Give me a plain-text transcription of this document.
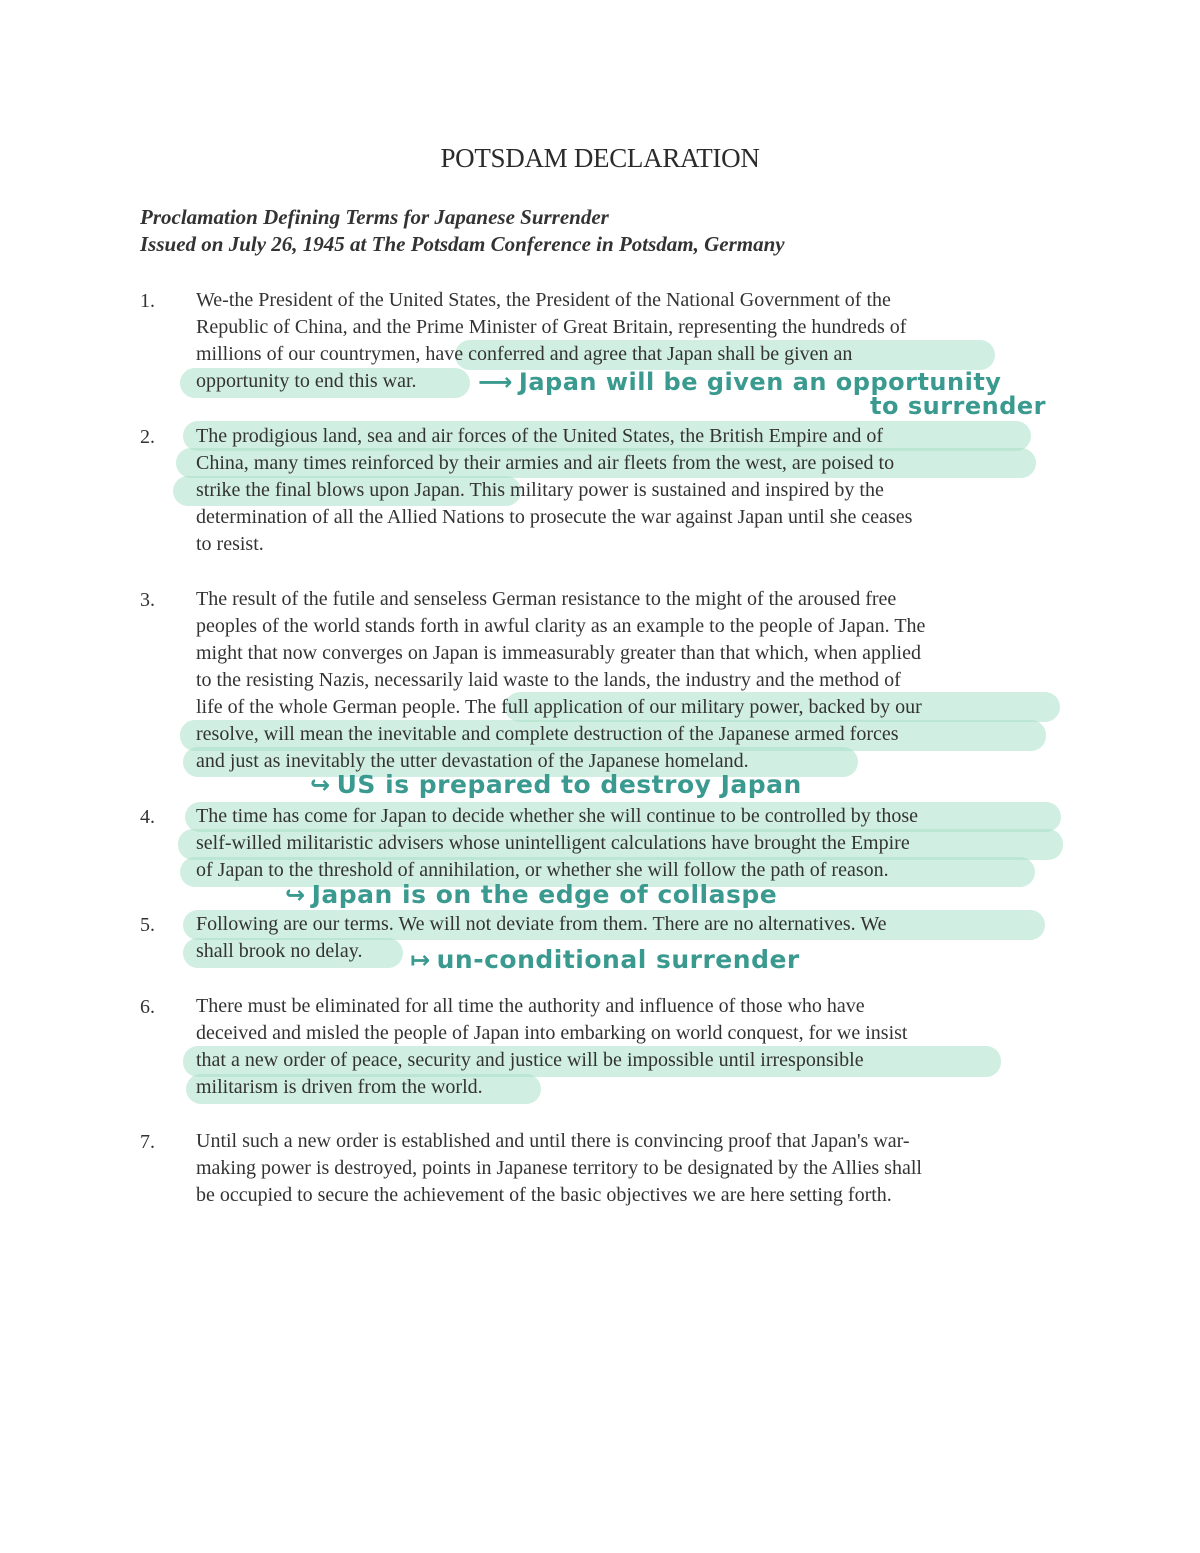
POTSDAM DECLARATION

Proclamation Defining Terms for Japanese Surrender

Issued on July 26, 1945 at The Potsdam Conference in Potsdam, Germany

1. We-the President of the United States, the President of the National Government of the
Republic of China, and the Prime Minister of Great Britain, representing the hundreds of
millions of our countrymen, have conferred and agree that Japan shall be given an
opportunity to end this war.
2. The prodigious land, sea and air forces of the United States, the British Empire and of
China, many times reinforced by their armies and air fleets from the west, are poised to
strike the final blows upon Japan. This military power is sustained and inspired by the
determination of all the Allied Nations to prosecute the war against Japan until she ceases
to resist.
3. The result of the futile and senseless German resistance to the might of the aroused free
peoples of the world stands forth in awful clarity as an example to the people of Japan. The
might that now converges on Japan is immeasurably greater than that which, when applied
to the resisting Nazis, necessarily laid waste to the lands, the industry and the method of
life of the whole German people. The full application of our military power, backed by our
resolve, will mean the inevitable and complete destruction of the Japanese armed forces
and just as inevitably the utter devastation of the Japanese homeland.
4. The time has come for Japan to decide whether she will continue to be controlled by those
self-willed militaristic advisers whose unintelligent calculations have brought the Empire
of Japan to the threshold of annihilation, or whether she will follow the path of reason.
5. Following are our terms. We will not deviate from them. There are no alternatives. We
shall brook no delay.
6. There must be eliminated for all time the authority and influence of those who have
deceived and misled the people of Japan into embarking on world conquest, for we insist
that a new order of peace, security and justice will be impossible until irresponsible
militarism is driven from the world.
7. Until such a new order is established and until there is convincing proof that Japan's war-
making power is destroyed, points in Japanese territory to be designated by the Allies shall
be occupied to secure the achievement of the basic objectives we are here setting forth.
⟶ Japan will be given an opportunity
to surrender
↪ US is prepared to destroy Japan
↪ Japan is on the edge of collaspe
↦ un-conditional surrender
